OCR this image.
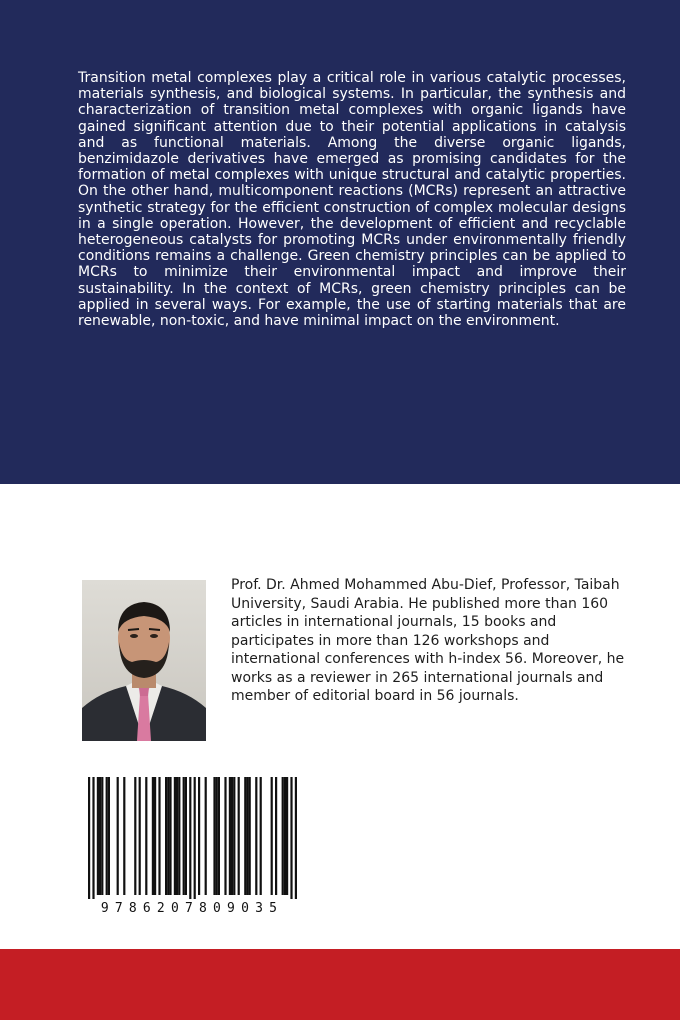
Transition metal complexes play a critical role in various catalytic processes, materials synthesis, and biological systems. In particular, the synthesis and characterization of transition metal complexes with organic ligands have gained significant attention due to their potential applications in catalysis and as functional materials. Among the diverse organic ligands, benzimidazole derivatives have emerged as promising candidates for the formation of metal complexes with unique structural and catalytic properties. On the other hand, multicomponent reactions (MCRs) represent an attractive synthetic strategy for the efficient construction of complex molecular designs in a single operation. However, the development of efficient and recyclable heterogeneous catalysts for promoting MCRs under environmentally friendly conditions remains a challenge. Green chemistry principles can be applied to MCRs to minimize their environmental impact and improve their sustainability. In the context of MCRs, green chemistry principles can be applied in several ways. For example, the use of starting materials that are renewable, non-toxic, and have minimal impact on the environment.

Prof. Dr. Ahmed Mohammed Abu-Dief, Professor, Taibah University, Saudi Arabia. He published more than 160 articles in international journals, 15 books and participates in more than 126 workshops and international conferences with h-index 56. Moreover, he works as a reviewer in 265 international journals and member of editorial board in 56 journals.

9786207809035
